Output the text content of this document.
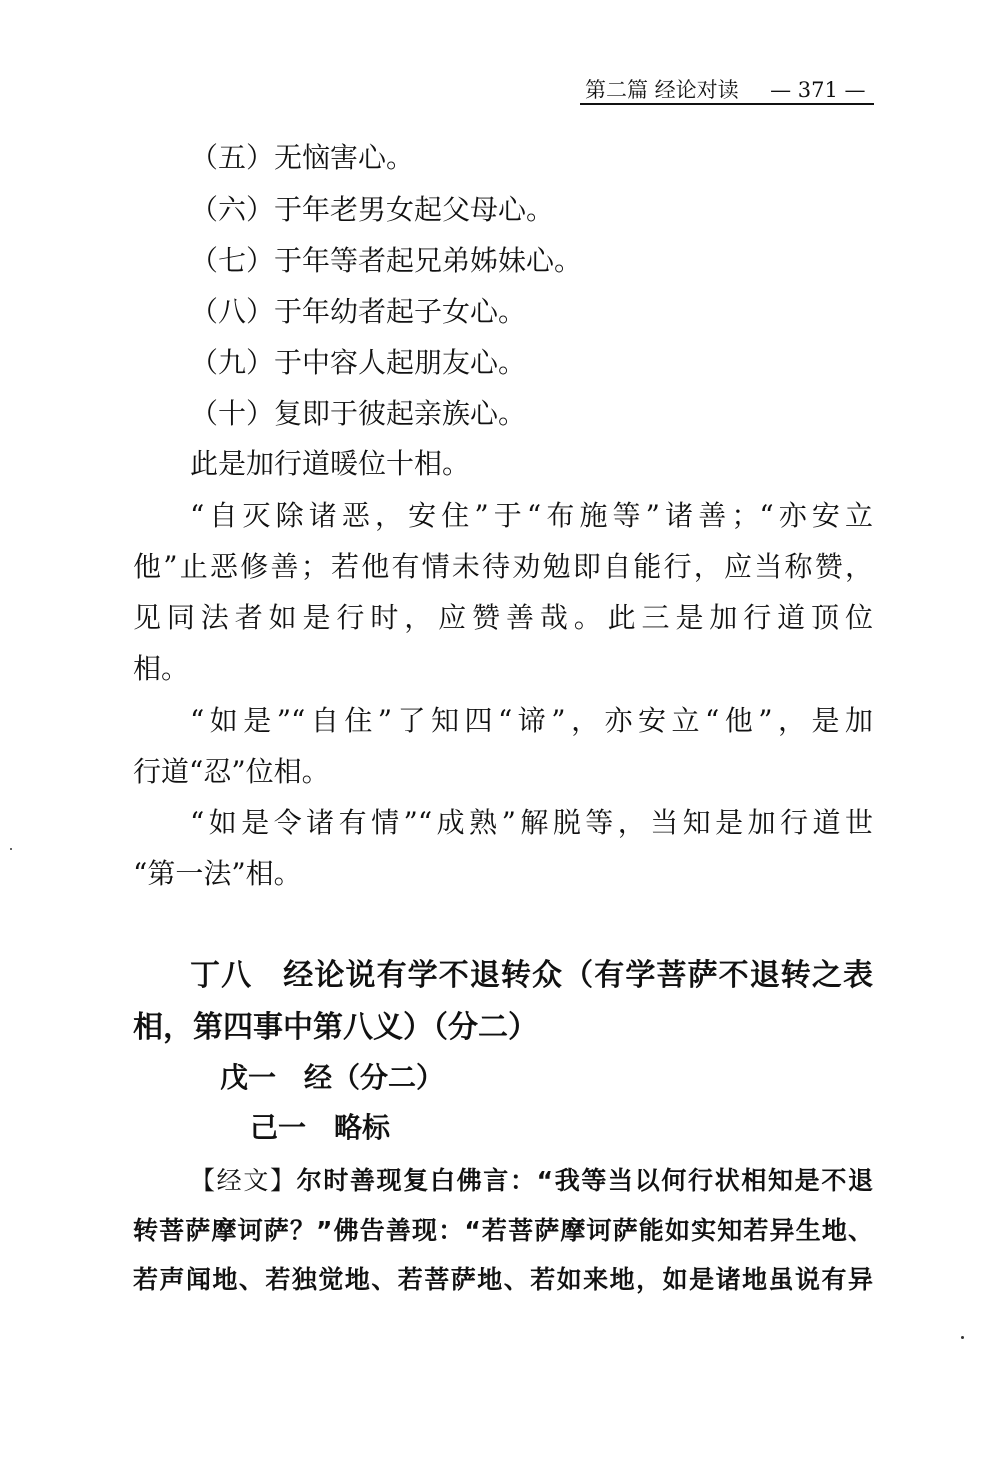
第二篇 经论对读 — 371 —
（五）无恼害心。
（六）于年老男女起父母心。
（七）于年等者起兄弟姊妹心。
（八）于年幼者起子女心。
（九）于中容人起朋友心。
（十）复即于彼起亲族心。
此是加行道暖位十相。
“自灭除诸恶，安住”于“布施等”诸善；“亦安立
他”止恶修善；若他有情未待劝勉即自能行，应当称赞，
见同法者如是行时，应赞善哉。此三是加行道顶位
相。
“如是”“自住”了知四“谛”，亦安立“他”，是加
行道“忍”位相。
“如是令诸有情”“成熟”解脱等，当知是加行道世
“第一法”相。
丁八　经论说有学不退转众（有学菩萨不退转之表
相，第四事中第八义）（分二）
戊一　经（分二）
己一　略标
【经文】尔时善现复白佛言：“我等当以何行状相知是不退
转菩萨摩诃萨？”佛告善现：“若菩萨摩诃萨能如实知若异生地、
若声闻地、若独觉地、若菩萨地、若如来地，如是诸地虽说有异
